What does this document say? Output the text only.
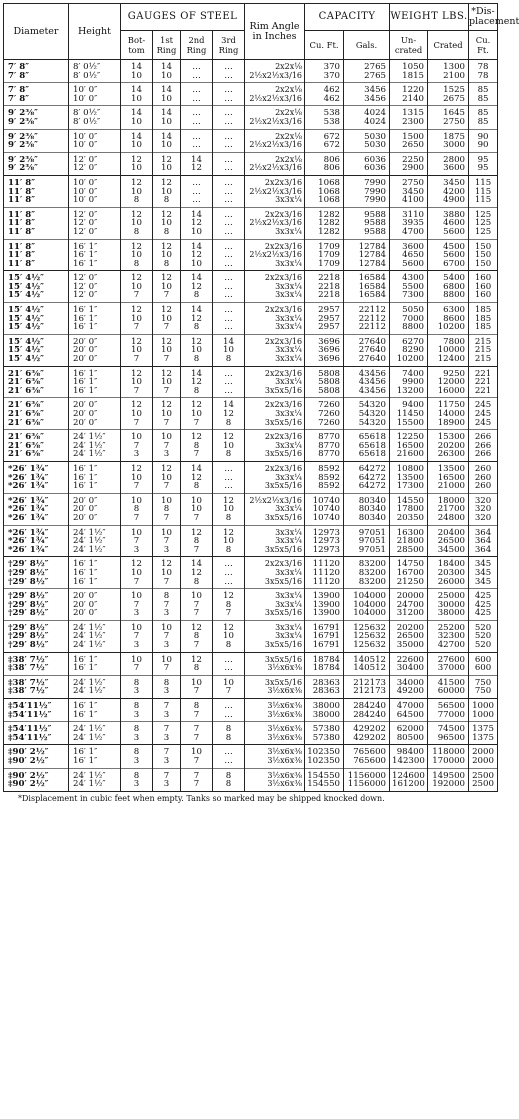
Diameter	Height	GAUGES OF STEEL				Rim Angle in Inches	CAPACITY		WEIGHT LBS.		*Dis-placement
		Bot-tom	1st Ring	2nd Ring	3rd Ring		Cu. Ft.	Gals.	Un-crated	Crated	Cu. Ft.
7′ 8″	8′ 0½″	14	14	…	…	2x2x⅛	370	2765	1050	1300	78
7′ 8″	8′ 0½″	10	10	…	…	2½x2½x3/16	370	2765	1815	2100	78
7′ 8″	10′ 0″	14	14	…	…	2x2x⅛	462	3456	1220	1525	85
7′ 8″	10′ 0″	10	10	…	…	2½x2½x3/16	462	3456	2140	2675	85
9′ 2⅜″	8′ 0½″	14	14	…	…	2x2x⅛	538	4024	1315	1645	85
9′ 2⅜″	8′ 0½″	10	10	…	…	2½x2½x3/16	538	4024	2300	2750	85
9′ 2⅜″	10′ 0″	14	14	…	…	2x2x⅛	672	5030	1500	1875	90
9′ 2⅜″	10′ 0″	10	10	…	…	2½x2½x3/16	672	5030	2650	3000	90
9′ 2⅜″	12′ 0″	12	12	14	…	2x2x⅛	806	6036	2250	2800	95
9′ 2⅜″	12′ 0″	10	10	12	…	2½x2½x3/16	806	6036	2900	3600	95
11′ 8″	10′ 0″	12	12	…	…	2x2x3/16	1068	7990	2750	3450	115
11′ 8″	10′ 0″	10	10	…	…	2½x2½x3/16	1068	7990	3450	4200	115
11′ 8″	10′ 0″	8	8	…	…	3x3x¼	1068	7990	4100	4900	115
11′ 8″	12′ 0″	12	12	14	…	2x2x3/16	1282	9588	3110	3880	125
11′ 8″	12′ 0″	10	10	12	…	2½x2½x3/16	1282	9588	3935	4600	125
11′ 8″	12′ 0″	8	8	10	…	3x3x¼	1282	9588	4700	5600	125
11′ 8″	16′ 1″	12	12	14	…	2x2x3/16	1709	12784	3600	4500	150
11′ 8″	16′ 1″	10	10	12	…	2½x2½x3/16	1709	12784	4650	5600	150
11′ 8″	16′ 1″	8	8	10	…	3x3x¼	1709	12784	5600	6700	150
15′ 4½″	12′ 0″	12	12	14	…	2x2x3/16	2218	16584	4300	5400	160
15′ 4½″	12′ 0″	10	10	12	…	3x3x¼	2218	16584	5500	6800	160
15′ 4½″	12′ 0″	7	7	8	…	3x3x¼	2218	16584	7300	8800	160
15′ 4½″	16′ 1″	12	12	14	…	2x2x3/16	2957	22112	5050	6300	185
15′ 4½″	16′ 1″	10	10	12	…	3x3x¼	2957	22112	7000	8600	185
15′ 4½″	16′ 1″	7	7	8	…	3x3x¼	2957	22112	8800	10200	185
15′ 4½″	20′ 0″	12	12	12	14	2x2x3/16	3696	27640	6270	7800	215
15′ 4½″	20′ 0″	10	10	10	10	3x3x¼	3696	27640	8290	10000	215
15′ 4½″	20′ 0″	7	7	8	8	3x3x¼	3696	27640	10200	12400	215
21′ 6⅜″	16′ 1″	12	12	14	…	2x2x3/16	5808	43456	7400	9250	221
21′ 6⅜″	16′ 1″	10	10	12	…	3x3x¼	5808	43456	9900	12000	221
21′ 6⅜″	16′ 1″	7	7	8	…	3x5x5/16	5808	43456	13200	16000	221
21′ 6⅜″	20′ 0″	12	12	12	14	2x2x3/16	7260	54320	9400	11750	245
21′ 6⅜″	20′ 0″	10	10	10	12	3x3x¼	7260	54320	11450	14000	245
21′ 6⅜″	20′ 0″	7	7	7	8	3x5x5/16	7260	54320	15500	18900	245
21′ 6⅜″	24′ 1½″	10	10	12	12	2x2x3/16	8770	65618	12250	15300	266
21′ 6⅜″	24′ 1½″	7	7	8	10	3x3x¼	8770	65618	16500	20200	266
21′ 6⅜″	24′ 1½″	3	3	7	8	3x5x5/16	8770	65618	21600	26300	266
*26′ 1¾″	16′ 1″	12	12	14	…	2x2x3/16	8592	64272	10800	13500	260
*26′ 1¾″	16′ 1″	10	10	12	…	3x3x¼	8592	64272	13500	16500	260
*26′ 1¾″	16′ 1″	7	7	8	…	3x5x5/16	8592	64272	17300	21000	260
*26′ 1¾″	20′ 0″	10	10	10	12	2½x2½x3/16	10740	80340	14550	18000	320
*26′ 1¾″	20′ 0″	8	8	10	10	3x3x¼	10740	80340	17800	21700	320
*26′ 1¾″	20′ 0″	7	7	7	8	3x5x5/16	10740	80340	20350	24800	320
*26′ 1¾″	24′ 1½″	10	10	12	12	3x3x¼	12973	97051	16300	20400	364
*26′ 1¾″	24′ 1½″	7	7	8	10	3x3x¼	12973	97051	21800	26500	364
*26′ 1¾″	24′ 1½″	3	3	7	8	3x5x5/16	12973	97051	28500	34500	364
†29′ 8½″	16′ 1″	12	12	14	…	2x2x3/16	11120	83200	14750	18400	345
†29′ 8½″	16′ 1″	10	10	12	…	3x3x¼	11120	83200	16700	20300	345
†29′ 8½″	16′ 1″	7	7	8	…	3x5x5/16	11120	83200	21250	26000	345
†29′ 8½″	20′ 0″	10	8	10	12	3x3x¼	13900	104000	20000	25000	425
†29′ 8½″	20′ 0″	7	7	7	8	3x3x¼	13900	104000	24700	30000	425
†29′ 8½″	20′ 0″	3	3	7	7	3x5x5/16	13900	104000	31200	38000	425
†29′ 8½″	24′ 1½″	10	10	12	12	3x3x¼	16791	125632	20200	25200	520
†29′ 8½″	24′ 1½″	7	7	8	10	3x3x¼	16791	125632	26500	32300	520
†29′ 8½″	24′ 1½″	3	3	7	8	3x5x5/16	16791	125632	35000	42700	520
‡38′ 7½″	16′ 1″	10	10	12	…	3x5x5/16	18784	140512	22600	27600	600
‡38′ 7½″	16′ 1″	7	7	8	…	3½x6x⅜	18784	140512	30400	37000	600
‡38′ 7½″	24′ 1½″	8	8	10	10	3x5x5/16	28363	212173	34000	41500	750
‡38′ 7½″	24′ 1½″	3	3	7	7	3½x6x⅜	28363	212173	49200	60000	750
‡54′11½″	16′ 1″	8	7	8	…	3½x6x⅜	38000	284240	47000	56500	1000
‡54′11½″	16′ 1″	3	3	7	…	3½x6x⅜	38000	284240	64500	77000	1000
‡54′11½″	24′ 1½″	8	7	7	8	3½x6x⅜	57380	429202	62000	74500	1375
‡54′11½″	24′ 1½″	3	3	7	8	3½x6x⅜	57380	429202	80500	96500	1375
‡90′ 2½″	16′ 1″	8	7	10	…	3½x6x⅜	102350	765600	98400	118000	2000
‡90′ 2½″	16′ 1″	3	3	7	…	3½x6x⅜	102350	765600	142300	170000	2000
‡90′ 2½″	24′ 1½″	8	7	7	8	3½x6x⅜	154550	1156000	124600	149500	2500
‡90′ 2½″	24′ 1½″	3	3	7	8	3½x6x⅜	154550	1156000	161200	192000	2500
*Displacement in cubic feet when empty. Tanks so marked may be shipped knocked down.
